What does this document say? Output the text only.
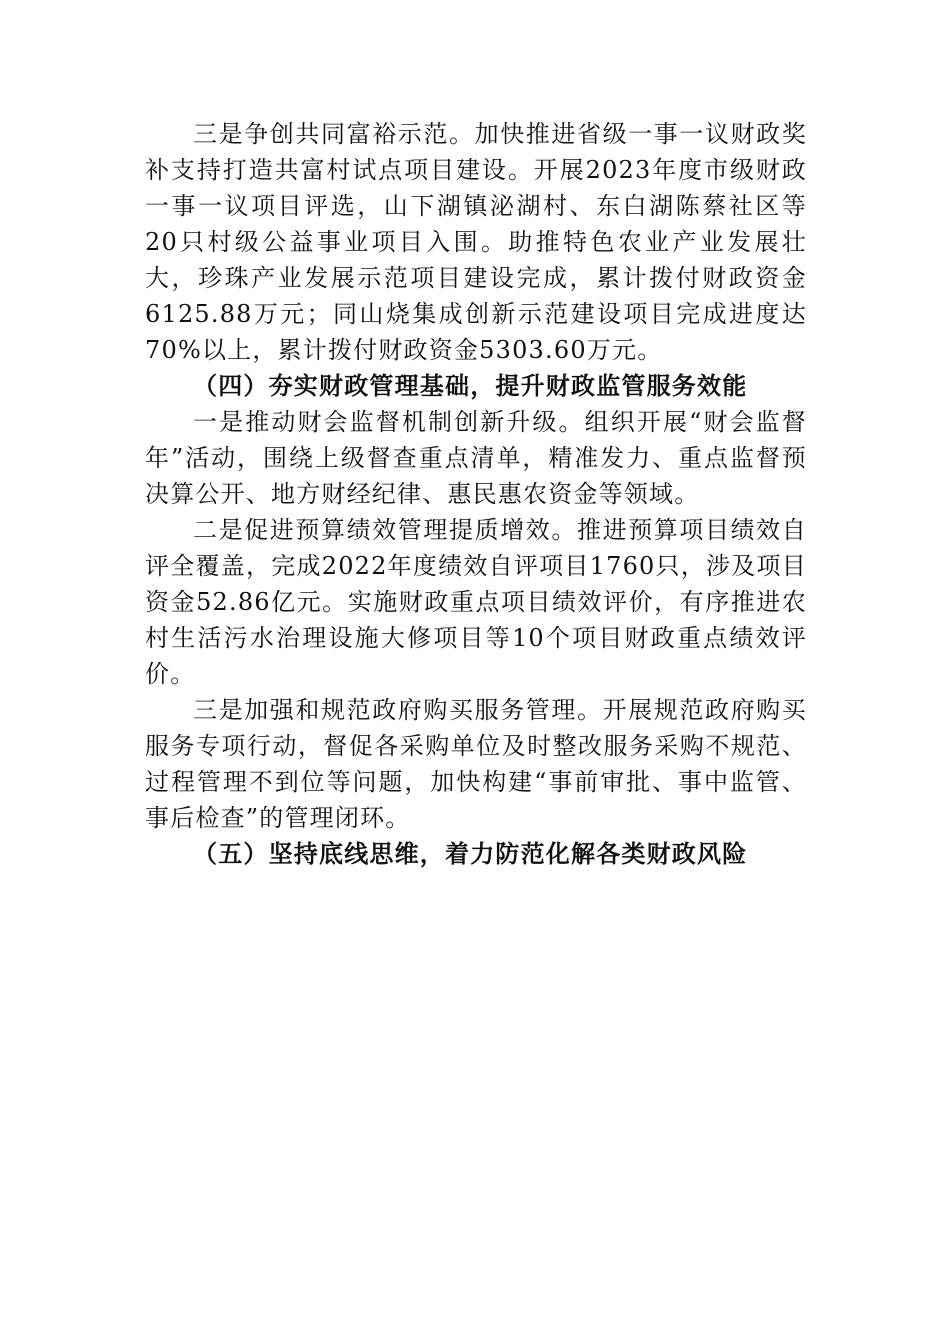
三是争创共同富裕示范。加快推进省级一事一议财政奖补支持打造共富村试点项目建设。开展2023年度市级财政一事一议项目评选，山下湖镇泌湖村、东白湖陈蔡社区等20只村级公益事业项目入围。助推特色农业产业发展壮大，珍珠产业发展示范项目建设完成，累计拨付财政资金6125.88万元；同山烧集成创新示范建设项目完成进度达70%以上，累计拨付财政资金5303.60万元。

（四）夯实财政管理基础，提升财政监管服务效能

一是推动财会监督机制创新升级。组织开展“财会监督年”活动，围绕上级督查重点清单，精准发力、重点监督预决算公开、地方财经纪律、惠民惠农资金等领域。

二是促进预算绩效管理提质增效。推进预算项目绩效自评全覆盖，完成2022年度绩效自评项目1760只，涉及项目资金52.86亿元。实施财政重点项目绩效评价，有序推进农村生活污水治理设施大修项目等10个项目财政重点绩效评价。

三是加强和规范政府购买服务管理。开展规范政府购买服务专项行动，督促各采购单位及时整改服务采购不规范、过程管理不到位等问题，加快构建“事前审批、事中监管、事后检查”的管理闭环。

（五）坚持底线思维，着力防范化解各类财政风险
